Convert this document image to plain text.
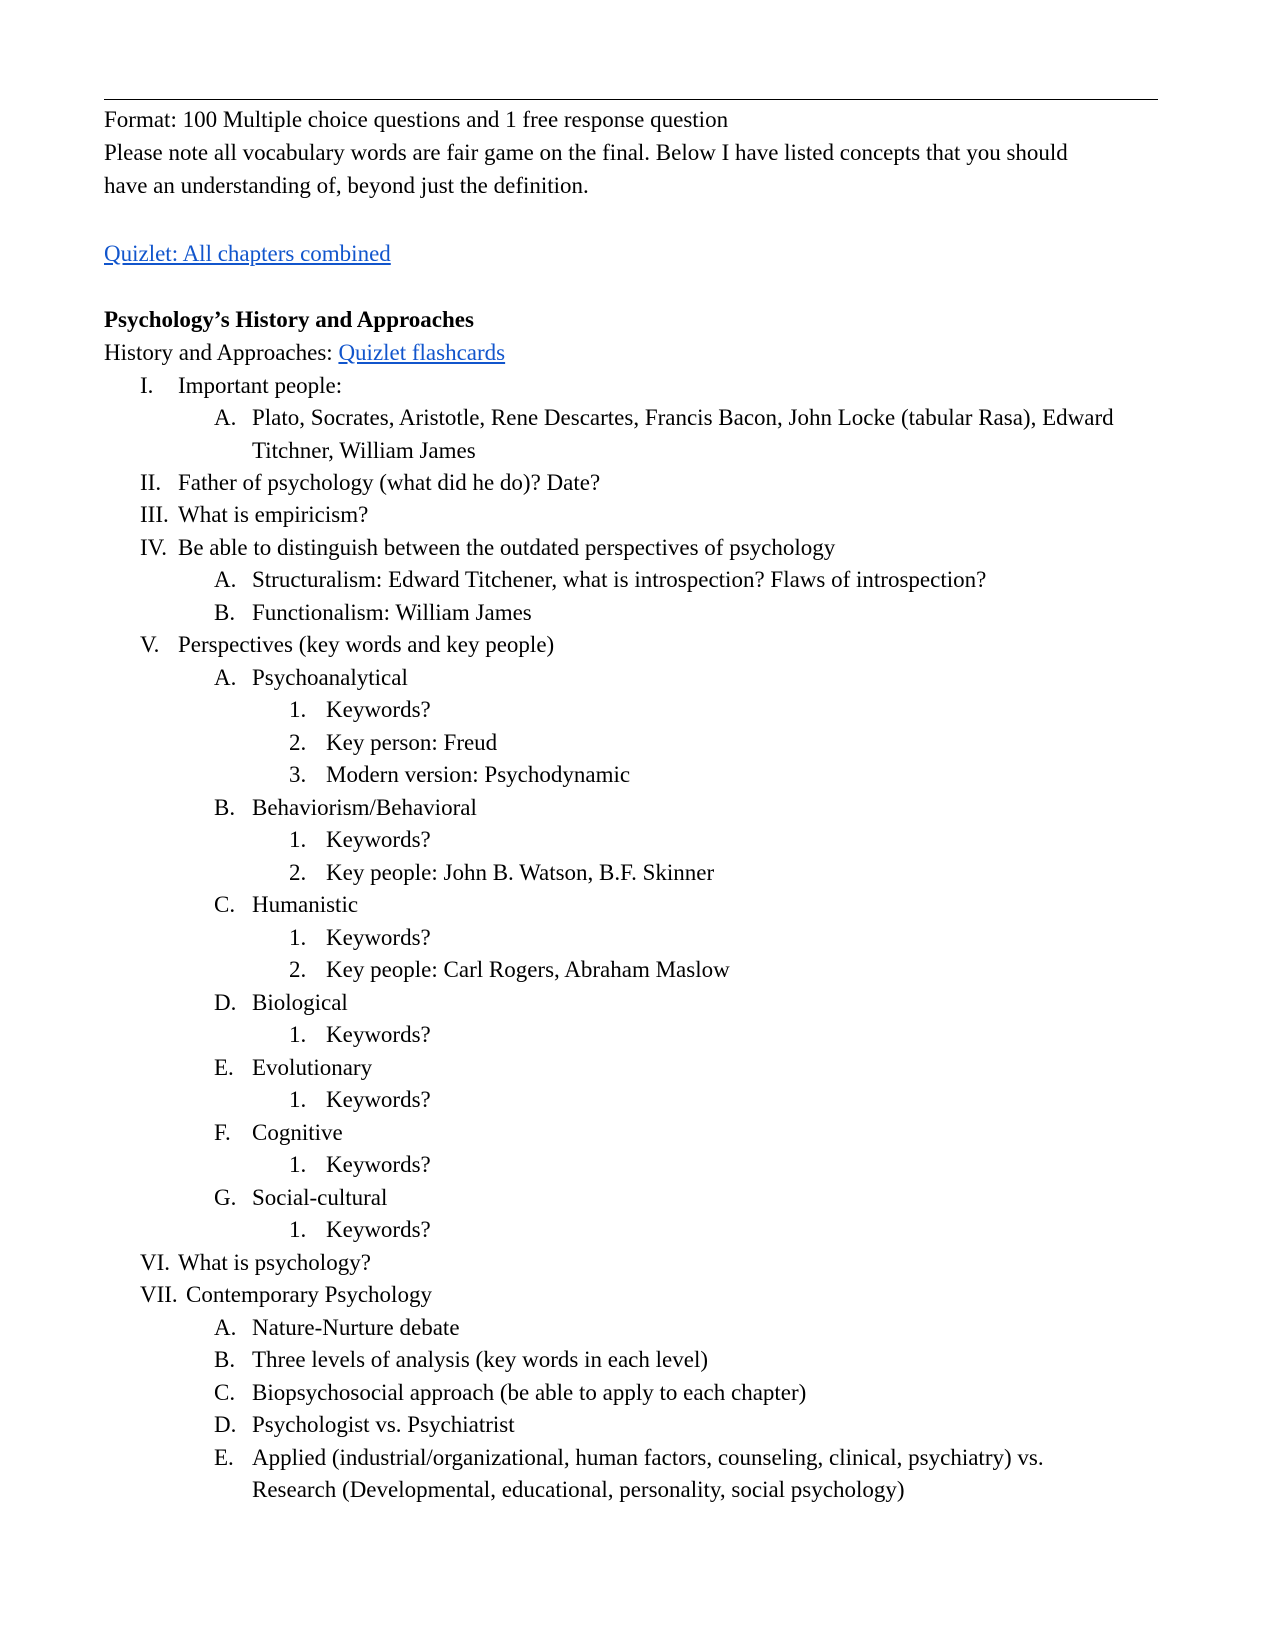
Format: 100 Multiple choice questions and 1 free response question
Please note all vocabulary words are fair game on the final. Below I have listed concepts that you should
have an understanding of, beyond just the definition.
Quizlet: All chapters combined
Psychology’s History and Approaches
History and Approaches: Quizlet flashcards
I. Important people:
A. Plato, Socrates, Aristotle, Rene Descartes, Francis Bacon, John Locke (tabular Rasa), Edward
Titchner, William James
II. Father of psychology (what did he do)? Date?
III. What is empiricism?
IV. Be able to distinguish between the outdated perspectives of psychology
A. Structuralism: Edward Titchener, what is introspection? Flaws of introspection?
B. Functionalism: William James
V. Perspectives (key words and key people)
A. Psychoanalytical
1. Keywords?
2. Key person: Freud
3. Modern version: Psychodynamic
B. Behaviorism/Behavioral
1. Keywords?
2. Key people: John B. Watson, B.F. Skinner
C. Humanistic
1. Keywords?
2. Key people: Carl Rogers, Abraham Maslow
D. Biological
1. Keywords?
E. Evolutionary
1. Keywords?
F. Cognitive
1. Keywords?
G. Social-cultural
1. Keywords?
VI. What is psychology?
VII. Contemporary Psychology
A. Nature-Nurture debate
B. Three levels of analysis (key words in each level)
C. Biopsychosocial approach (be able to apply to each chapter)
D. Psychologist vs. Psychiatrist
E. Applied (industrial/organizational, human factors, counseling, clinical, psychiatry) vs.
Research (Developmental, educational, personality, social psychology)
